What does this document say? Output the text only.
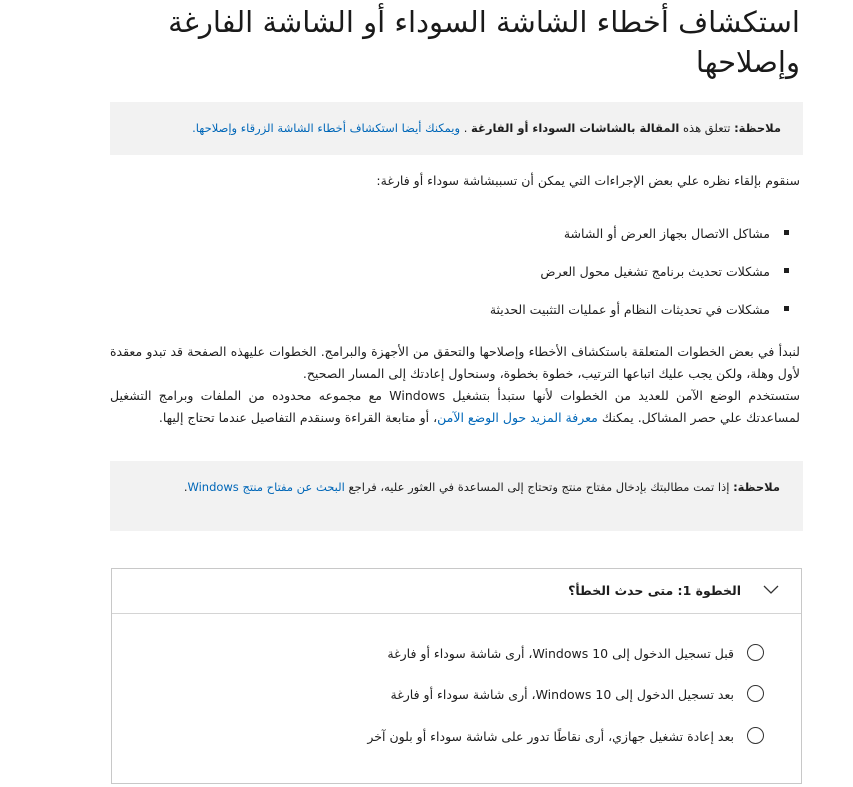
استكشاف أخطاء الشاشة السوداء أو الشاشة الفارغة وإصلاحها
ملاحظة: تتعلق هذه المقالة بالشاشات السوداء أو الفارغة . ويمكنك أيضا استكشاف أخطاء الشاشة الزرقاء وإصلاحها.

سنقوم بإلقاء نظره علي بعض الإجراءات التي يمكن أن تسببشاشة سوداء أو فارغة:

مشاكل الاتصال بجهاز العرض أو الشاشة
مشكلات تحديث برنامج تشغيل محول العرض
مشكلات في تحديثات النظام أو عمليات التثبيت الحديثة

لنبدأ في بعض الخطوات المتعلقة باستكشاف الأخطاء وإصلاحها والتحقق من الأجهزة والبرامج. الخطوات عليهذه الصفحة قد تبدو معقدة لأول وهلة، ولكن يجب عليك اتباعها الترتيب، خطوة بخطوة، وسنحاول إعادتك إلى المسار الصحيح.

ستستخدم الوضع الآمن للعديد من الخطوات لأنها ستبدأ بتشغيل Windows مع مجموعه محدوده من الملفات وبرامج التشغيل لمساعدتك علي حصر المشاكل. يمكنك معرفة المزيد حول الوضع الآمن، أو متابعة القراءة وسنقدم التفاصيل عندما تحتاج إليها.

ملاحظة: إذا تمت مطالبتك بإدخال مفتاح منتج وتحتاج إلى المساعدة في العثور عليه، فراجع البحث عن مفتاح منتج Windows.
الخطوة 1: متى حدث الخطأ؟
قبل تسجيل الدخول إلى Windows 10، أرى شاشة سوداء أو فارغة
بعد تسجيل الدخول إلى Windows 10، أرى شاشة سوداء أو فارغة
بعد إعادة تشغيل جهازي، أرى نقاطًا تدور على شاشة سوداء أو بلون آخر
